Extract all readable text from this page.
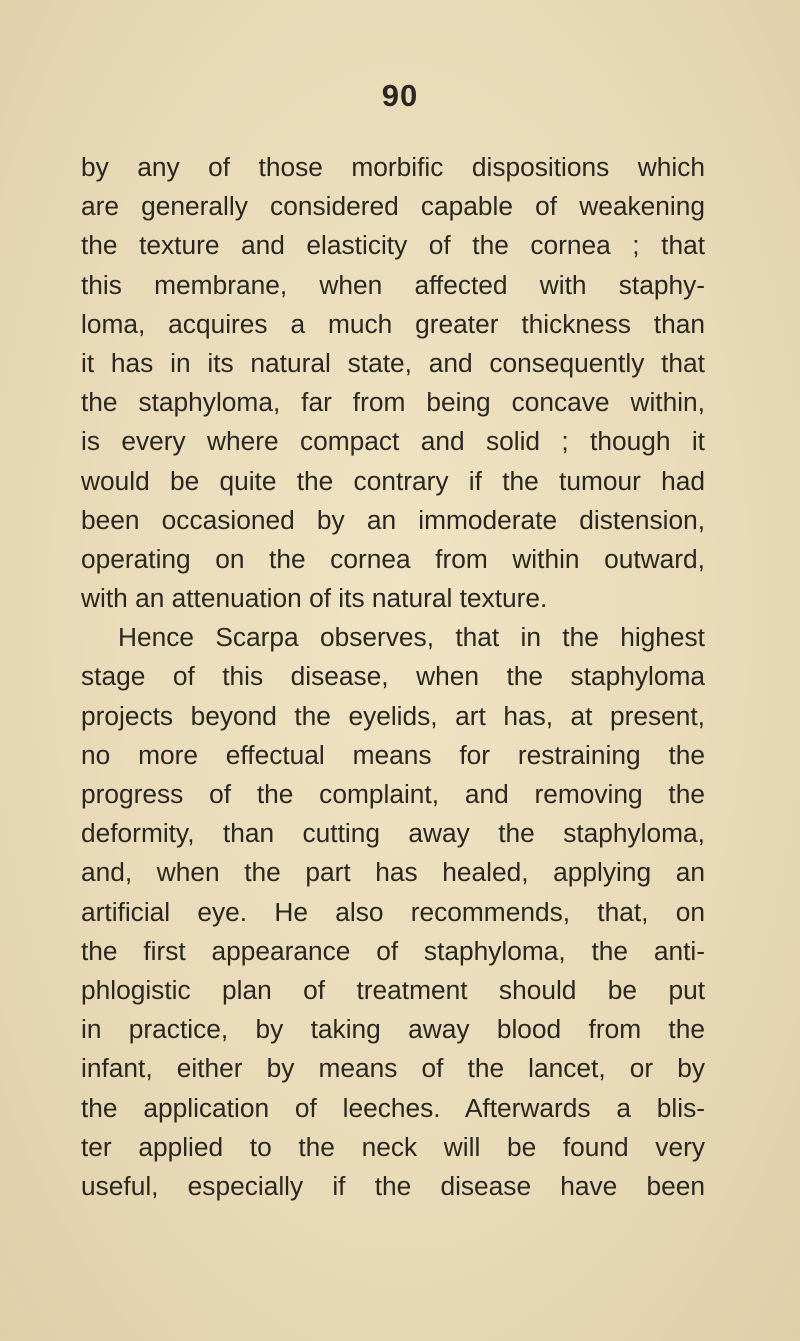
90
by any of those morbific dispositions which
are generally considered capable of weakening
the texture and elasticity of the cornea ; that
this membrane, when affected with staphy-
loma, acquires a much greater thickness than
it has in its natural state, and consequently that
the staphyloma, far from being concave within,
is every where compact and solid ; though it
would be quite the contrary if the tumour had
been occasioned by an immoderate distension,
operating on the cornea from within outward,
with an attenuation of its natural texture.
Hence Scarpa observes, that in the highest
stage of this disease, when the staphyloma
projects beyond the eyelids, art has, at present,
no more effectual means for restraining the
progress of the complaint, and removing the
deformity, than cutting away the staphyloma,
and, when the part has healed, applying an
artificial eye. He also recommends, that, on
the first appearance of staphyloma, the anti-
phlogistic plan of treatment should be put
in practice, by taking away blood from the
infant, either by means of the lancet, or by
the application of leeches. Afterwards a blis-
ter applied to the neck will be found very
useful, especially if the disease have been
